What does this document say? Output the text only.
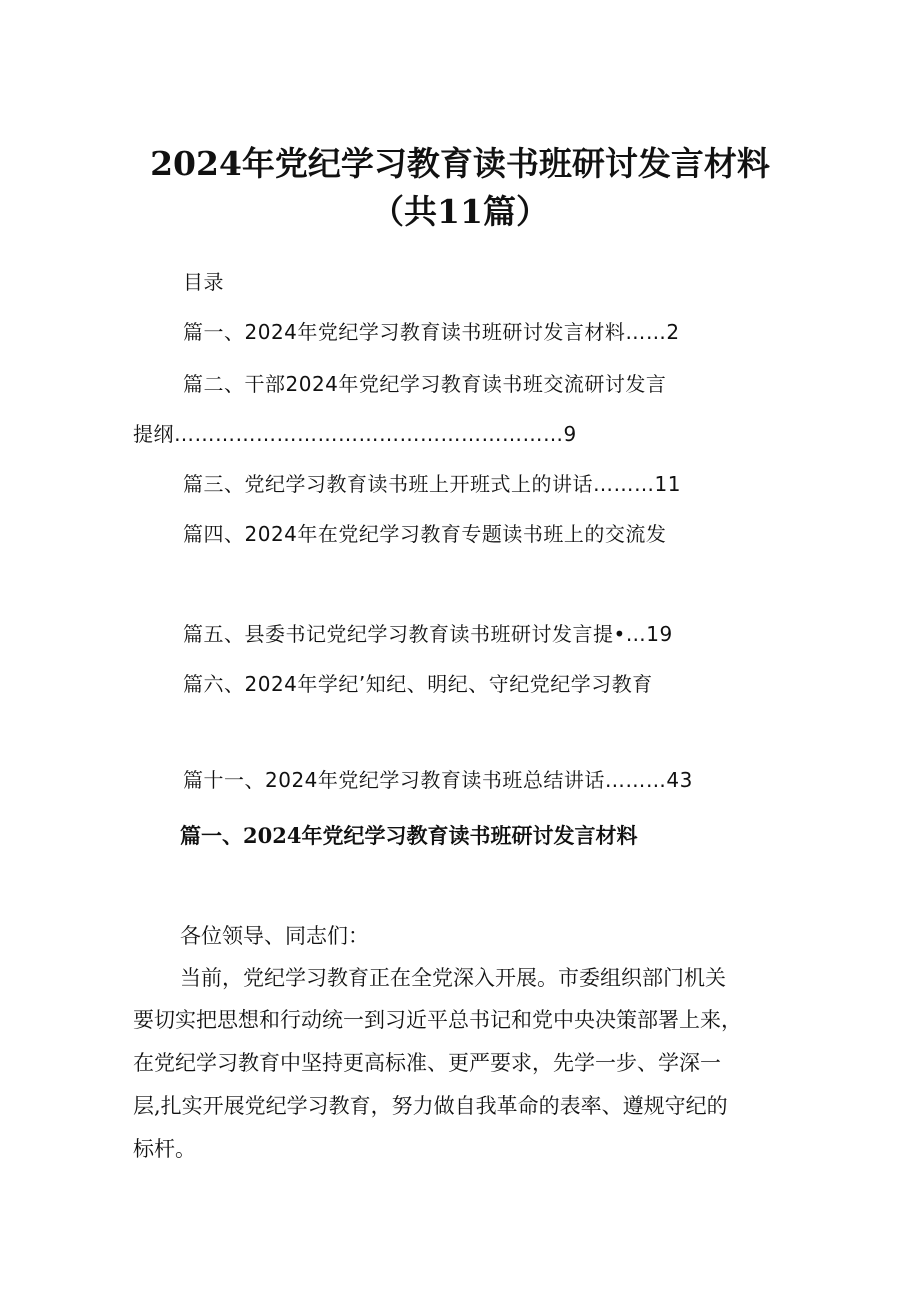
2024年党纪学习教育读书班研讨发言材料
（共11篇）
目录
篇一、2024年党纪学习教育读书班研讨发言材料……2
篇二、干部2024年党纪学习教育读书班交流研讨发言
提纲…………………………………………………9
篇三、党纪学习教育读书班上开班式上的讲话………11
篇四、2024年在党纪学习教育专题读书班上的交流发
篇五、县委书记党纪学习教育读书班研讨发言提•…19
篇六、2024年学纪’知纪、明纪、守纪党纪学习教育
篇十一、2024年党纪学习教育读书班总结讲话………43
篇一、2024年党纪学习教育读书班研讨发言材料
各位领导、同志们：
当前，党纪学习教育正在全党深入开展。市委组织部门机关
要切实把思想和行动统一到习近平总书记和党中央决策部署上来，
在党纪学习教育中坚持更高标准、更严要求，先学一步、学深一
层,扎实开展党纪学习教育，努力做自我革命的表率、遵规守纪的
标杆。
